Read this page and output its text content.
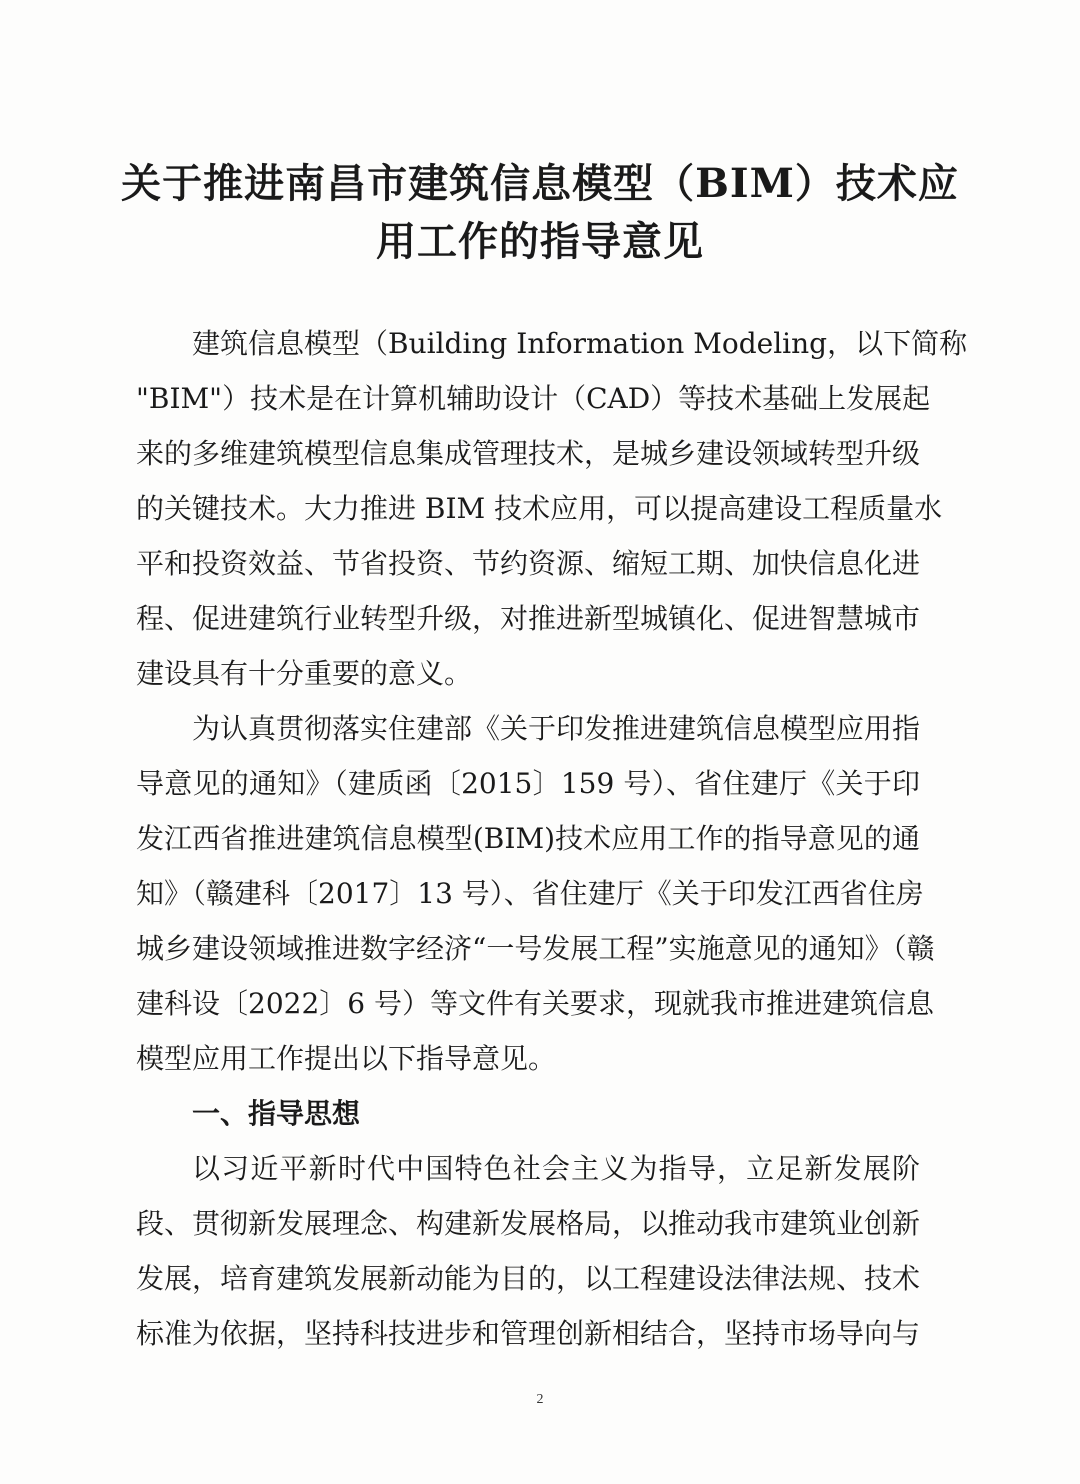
关于推进南昌市建筑信息模型（BIM）技术应
用工作的指导意见
建筑信息模型（Building Information Modeling，以下简称
"BIM"）技术是在计算机辅助设计（CAD）等技术基础上发展起
来的多维建筑模型信息集成管理技术，是城乡建设领域转型升级
的关键技术。大力推进 BIM 技术应用，可以提高建设工程质量水
平和投资效益、节省投资、节约资源、缩短工期、加快信息化进
程、促进建筑行业转型升级，对推进新型城镇化、促进智慧城市
建设具有十分重要的意义。
为认真贯彻落实住建部《关于印发推进建筑信息模型应用指
导意见的通知》（建质函〔2015〕159 号）、省住建厅《关于印
发江西省推进建筑信息模型(BIM)技术应用工作的指导意见的通
知》（赣建科〔2017〕13 号）、省住建厅《关于印发江西省住房
城乡建设领域推进数字经济“一号发展工程”实施意见的通知》（赣
建科设〔2022〕6 号）等文件有关要求，现就我市推进建筑信息
模型应用工作提出以下指导意见。
一、指导思想
以习近平新时代中国特色社会主义为指导，立足新发展阶
段、贯彻新发展理念、构建新发展格局，以推动我市建筑业创新
发展，培育建筑发展新动能为目的，以工程建设法律法规、技术
标准为依据，坚持科技进步和管理创新相结合，坚持市场导向与
2
